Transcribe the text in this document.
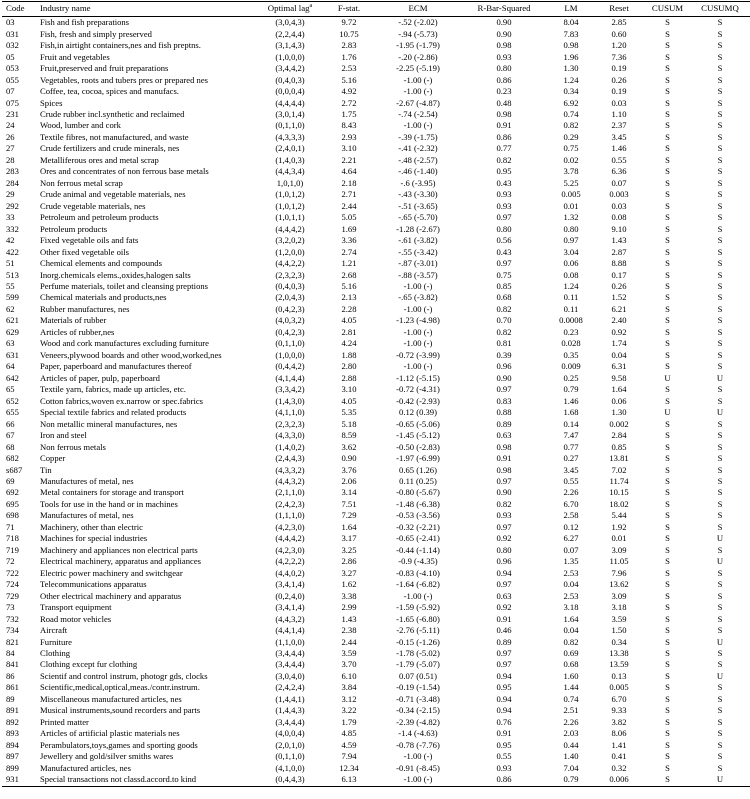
Code	Industry name	Optimal lag$^a$	F-stat.	ECM	R-Bar-Squared	LM	Reset	CUSUM	CUSUMQ
03	Fish and fish preparations	(3,0,4,3)	9.72	-.52 (-2.02)	0.90	8.04	2.85	S	S
031	Fish, fresh and simply preserved	(2,2,4,4)	10.75	-.94 (-5.73)	0.90	7.83	0.60	S	S
032	Fish,in airtight containers,nes and fish preptns.	(3,1,4,3)	2.83	-1.95 (-1.79)	0.98	0.98	1.20	S	S
05	Fruit and vegetables	(1,0,0,0)	1.76	-.20 (-2.86)	0.93	1.96	7.36	S	S
053	Fruit,preserved and fruit preparations	(3,4,4,2)	2.53	-2.25 (-5.19)	0.80	1.30	0.19	S	S
055	Vegetables, roots and tubers pres or prepared nes	(0,4,0,3)	5.16	-1.00 (-)	0.86	1.24	0.26	S	S
07	Coffee, tea, cocoa, spices and manufacs.	(0,0,0,4)	4.92	-1.00 (-)	0.23	0.34	0.19	S	S
075	Spices	(4,4,4,4)	2.72	-2.67 (-4.87)	0.48	6.92	0.03	S	S
231	Crude rubber incl.synthetic and reclaimed	(3,0,1,4)	1.75	-.74 (-2.54)	0.98	0.74	1.10	S	S
24	Wood, lumber and cork	(0,1,1,0)	8.43	-1.00 (-)	0.91	0.82	2.37	S	S
26	Textile fibres, not manufactured, and waste	(4,3,3,3)	2.93	-.39 (-1.75)	0.86	0.29	3.45	S	S
27	Crude fertilizers and crude minerals, nes	(2,4,0,1)	3.10	-.41 (-2.32)	0.77	0.75	1.46	S	S
28	Metalliferous ores and metal scrap	(1,4,0,3)	2.21	-.48 (-2.57)	0.82	0.02	0.55	S	S
283	Ores and concentrates of non ferrous base metals	(4,4,3,4)	4.64	-.46 (-1.40)	0.95	3.78	6.36	S	S
284	Non ferrous metal scrap	1,0,1,0)	2.18	-.6 (-3.95)	0.43	5.25	0.07	S	S
29	Crude animal and vegetable materials, nes	(1,0,1,2)	2.71	-.43 (-3.30)	0.93	0.005	0.003	S	S
292	Crude vegetable materials, nes	(1,0,1,2)	2.44	-.51 (-3.65)	0.93	0.01	0.03	S	S
33	Petroleum and petroleum products	(1,0,1,1)	5.05	-.65 (-5.70)	0.97	1.32	0.08	S	S
332	Petroleum products	(4,4,4,2)	1.69	-1.28 (-2.67)	0.80	0.80	9.10	S	S
42	Fixed vegetable oils and fats	(3,2,0,2)	3.36	-.61 (-3.82)	0.56	0.97	1.43	S	S
422	Other fixed vegetable oils	(1,2,0,0)	2.74	-.55 (-3.42)	0.43	3.04	2.87	S	S
51	Chemical elements and compounds	(4,4,2,2)	1.21	-.87 (-3.01)	0.97	0.06	8.88	S	S
513	Inorg.chemicals elems.,oxides,halogen salts	(2,3,2,3)	2.68	-.88 (-3.57)	0.75	0.08	0.17	S	S
55	Perfume materials, toilet and cleansing preptions	(0,4,0,3)	5.16	-1.00 (-)	0.85	1.24	0.26	S	S
599	Chemical materials and products,nes	(2,0,4,3)	2.13	-.65 (-3.82)	0.68	0.11	1.52	S	S
62	Rubber manufactures, nes	(0,4,2,3)	2.28	-1.00 (-)	0.82	0.11	6.21	S	S
621	Materials of rubber	(4,0,3,2)	4.05	-1.23 (-4.98)	0.70	0.0008	2.40	S	S
629	Articles of rubber,nes	(0,4,2,3)	2.81	-1.00 (-)	0.82	0.23	0.92	S	S
63	Wood and cork manufactures excluding furniture	(0,1,1,0)	4.24	-1.00 (-)	0.81	0.028	1.74	S	S
631	Veneers,plywood boards and other wood,worked,nes	(1,0,0,0)	1.88	-0.72 (-3.99)	0.39	0.35	0.04	S	S
64	Paper, paperboard and manufactures thereof	(0,4,4,2)	2.80	-1.00 (-)	0.96	0.009	6.31	S	S
642	Articles of paper, pulp, paperboard	(4,1,4,4)	2.88	-1.12 (-5.15)	0.90	0.25	9.58	U	U
65	Textile yarn, fabrics, made up articles, etc.	(3,3,4,2)	3.10	-0.72 (-4.31)	0.97	0.79	1.64	S	S
652	Cotton fabrics,woven ex.narrow or spec.fabrics	(1,4,3,0)	4.05	-0.42 (-2.93)	0.83	1.46	0.06	S	S
655	Special textile fabrics and related products	(4,1,1,0)	5.35	0.12 (0.39)	0.88	1.68	1.30	U	U
66	Non metallic mineral manufactures, nes	(2,3,2,3)	5.18	-0.65 (-5.06)	0.89	0.14	0.002	S	S
67	Iron and steel	(4,3,3,0)	8.59	-1.45 (-5.12)	0.63	7.47	2.84	S	S
68	Non ferrous metals	(1,4,0,2)	3.62	-0.50 (-2.83)	0.98	0.77	0.85	S	S
682	Copper	(2,4,4,3)	0.90	-1.97 (-6.99)	0.91	0.27	13.81	S	S
s687	Tin	(4,3,3,2)	3.76	0.65 (1.26)	0.98	3.45	7.02	S	S
69	Manufactures of metal, nes	(4,4,3,2)	2.06	0.11 (0.25)	0.97	0.55	11.74	S	S
692	Metal containers for storage and transport	(2,1,1,0)	3.14	-0.80 (-5.67)	0.90	2.26	10.15	S	S
695	Tools for use in the hand or in machines	(2,4,2,3)	7.51	-1.48 (-6.38)	0.82	6.70	18.02	S	S
698	Manufactures of metal, nes	(1,1,1,0)	7.29	-0.53 (-3.56)	0.93	2.58	5.44	S	S
71	Machinery, other than electric	(4,2,3,0)	1.64	-0.32 (-2.21)	0.97	0.12	1.92	S	S
718	Machines for special industries	(4,4,4,2)	3.17	-0.65 (-2.41)	0.92	6.27	0.01	S	U
719	Machinery and appliances non electrical parts	(4,2,3,0)	3.25	-0.44 (-1.14)	0.80	0.07	3.09	S	S
72	Electrical machinery, apparatus and appliances	(4,2,2,2)	2.86	-0.9 (-4.35)	0.96	1.35	11.05	S	U
722	Electric power machinery and switchgear	(4,4,0,2)	3.27	-0.83 (-4.10)	0.94	2.53	7.96	S	S
724	Telecommunications apparatus	(3,4,1,4)	1.62	-1.64 (-6.82)	0.97	0.04	13.62	S	S
729	Other electrical machinery and apparatus	(0,2,4,0)	3.38	-1.00 (-)	0.63	2.53	3.09	S	S
73	Transport equipment	(3,4,1,4)	2.99	-1.59 (-5.92)	0.92	3.18	3.18	S	S
732	Road motor vehicles	(4,4,3,2)	1.43	-1.65 (-6.80)	0.91	1.64	3.59	S	S
734	Aircraft	(4,4,1,4)	2.38	-2.76 (-5.11)	0.46	0.04	1.50	S	S
821	Furniture	(1,1,0,0)	2.44	-0.15 (-1.26)	0.89	0.82	0.34	S	U
84	Clothing	(3,4,4,4)	3.59	-1.78 (-5.02)	0.97	0.69	13.38	S	S
841	Clothing except fur clothing	(3,4,4,4)	3.70	-1.79 (-5.07)	0.97	0.68	13.59	S	S
86	Scientif and control instrum, photogr gds, clocks	(3,0,4,0)	6.10	0.07 (0.51)	0.94	1.60	0.13	S	U
861	Scientific,medical,optical,meas./contr.instrum.	(2,4,2,4)	3.84	-0.19 (-1.54)	0.95	1.44	0.005	S	S
89	Miscellaneous manufactured articles, nes	(1,4,4,1)	3.12	-0.71 (-3.48)	0.94	0.74	6.70	S	S
891	Musical instruments,sound recorders and parts	(1,4,4,3)	3.22	-0.34 (-2.15)	0.94	2.51	9.33	S	S
892	Printed matter	(3,4,4,4)	1.79	-2.39 (-4.82)	0.76	2.26	3.82	S	S
893	Articles of artificial plastic materials nes	(4,0,0,4)	4.85	-1.4 (-4.63)	0.91	2.03	8.06	S	S
894	Perambulators,toys,games and sporting goods	(2,0,1,0)	4.59	-0.78 (-7.76)	0.95	0.44	1.41	S	S
897	Jewellery and gold/silver smiths wares	(0,1,1,0)	7.94	-1.00 (-)	0.55	1.40	0.41	S	S
899	Manufactured articles, nes	(4,1,0,0)	12.34	-0.91 (-8.45)	0.93	7.04	0.32	S	S
931	Special transactions not classd.accord.to kind	(0,4,4,3)	6.13	-1.00 (-)	0.86	0.79	0.006	S	U
